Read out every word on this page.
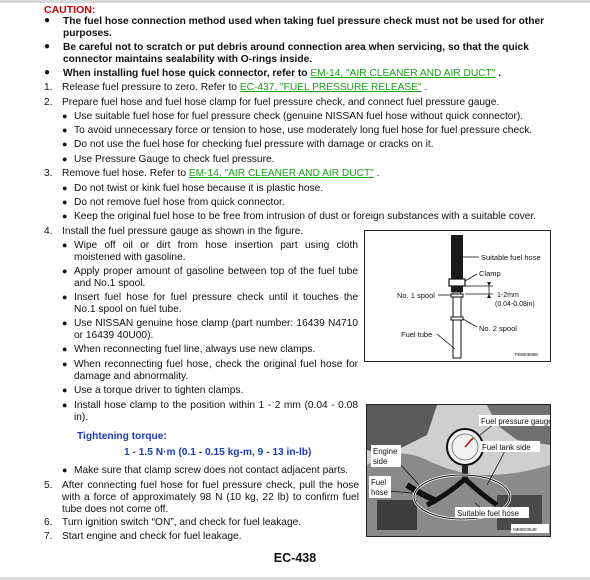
CAUTION:
● The fuel hose connection method used when taking fuel pressure check must not be used for other purposes.
● Be careful not to scratch or put debris around connection area when servicing, so that the quick connector maintains sealability with O-rings inside.
● When installing fuel hose quick connector, refer to EM-14, "AIR CLEANER AND AIR DUCT" .
1. Release fuel pressure to zero. Refer to EC-437, "FUEL PRESSURE RELEASE" .
2. Prepare fuel hose and fuel hose clamp for fuel pressure check, and connect fuel pressure gauge.
● Use suitable fuel hose for fuel pressure check (genuine NISSAN fuel hose without quick connector).
● To avoid unnecessary force or tension to hose, use moderately long fuel hose for fuel pressure check.
● Do not use the fuel hose for checking fuel pressure with damage or cracks on it.
● Use Pressure Gauge to check fuel pressure.
3. Remove fuel hose. Refer to EM-14, "AIR CLEANER AND AIR DUCT" .
● Do not twist or kink fuel hose because it is plastic hose.
● Do not remove fuel hose from quick connector.
● Keep the original fuel hose to be free from intrusion of dust or foreign substances with a suitable cover.
4. Install the fuel pressure gauge as shown in the figure.
● Wipe off oil or dirt from hose insertion part using cloth moistened with gasoline.
● Apply proper amount of gasoline between top of the fuel tube and No.1 spool.
● Insert fuel hose for fuel pressure check until it touches the No.1 spool on fuel tube.
● Use NISSAN genuine hose clamp (part number: 16439 N4710 or 16439 40U00).
● When reconnecting fuel line, always use new clamps.
● When reconnecting fuel hose, check the original fuel hose for damage and abnormality.
● Use a torque driver to tighten clamps.
● Install hose clamp to the position within 1 - 2 mm (0.04 - 0.08 in).
Tightening torque:
1 - 1.5 N·m (0.1 - 0.15 kg-m, 9 - 13 in-lb)
● Make sure that clamp screw does not contact adjacent parts.
5. After connecting fuel hose for fuel pressure check, pull the hose with a force of approximately 98 N (10 kg, 22 lb) to confirm fuel tube does not come off.
6. Turn ignition switch “ON”, and check for fuel leakage.
7. Start engine and check for fuel leakage.
Suitable fuel hose
Clamp
No. 1 spool	1-2mm
(0.04-0.08in)
Fuel tube
No. 2 spool
PBIB0896E
Fuel pressure gauge
Fuel tank side
Engine
side
Fuel
hose
Suitable fuel hose
MBIB0354E
EC-438
